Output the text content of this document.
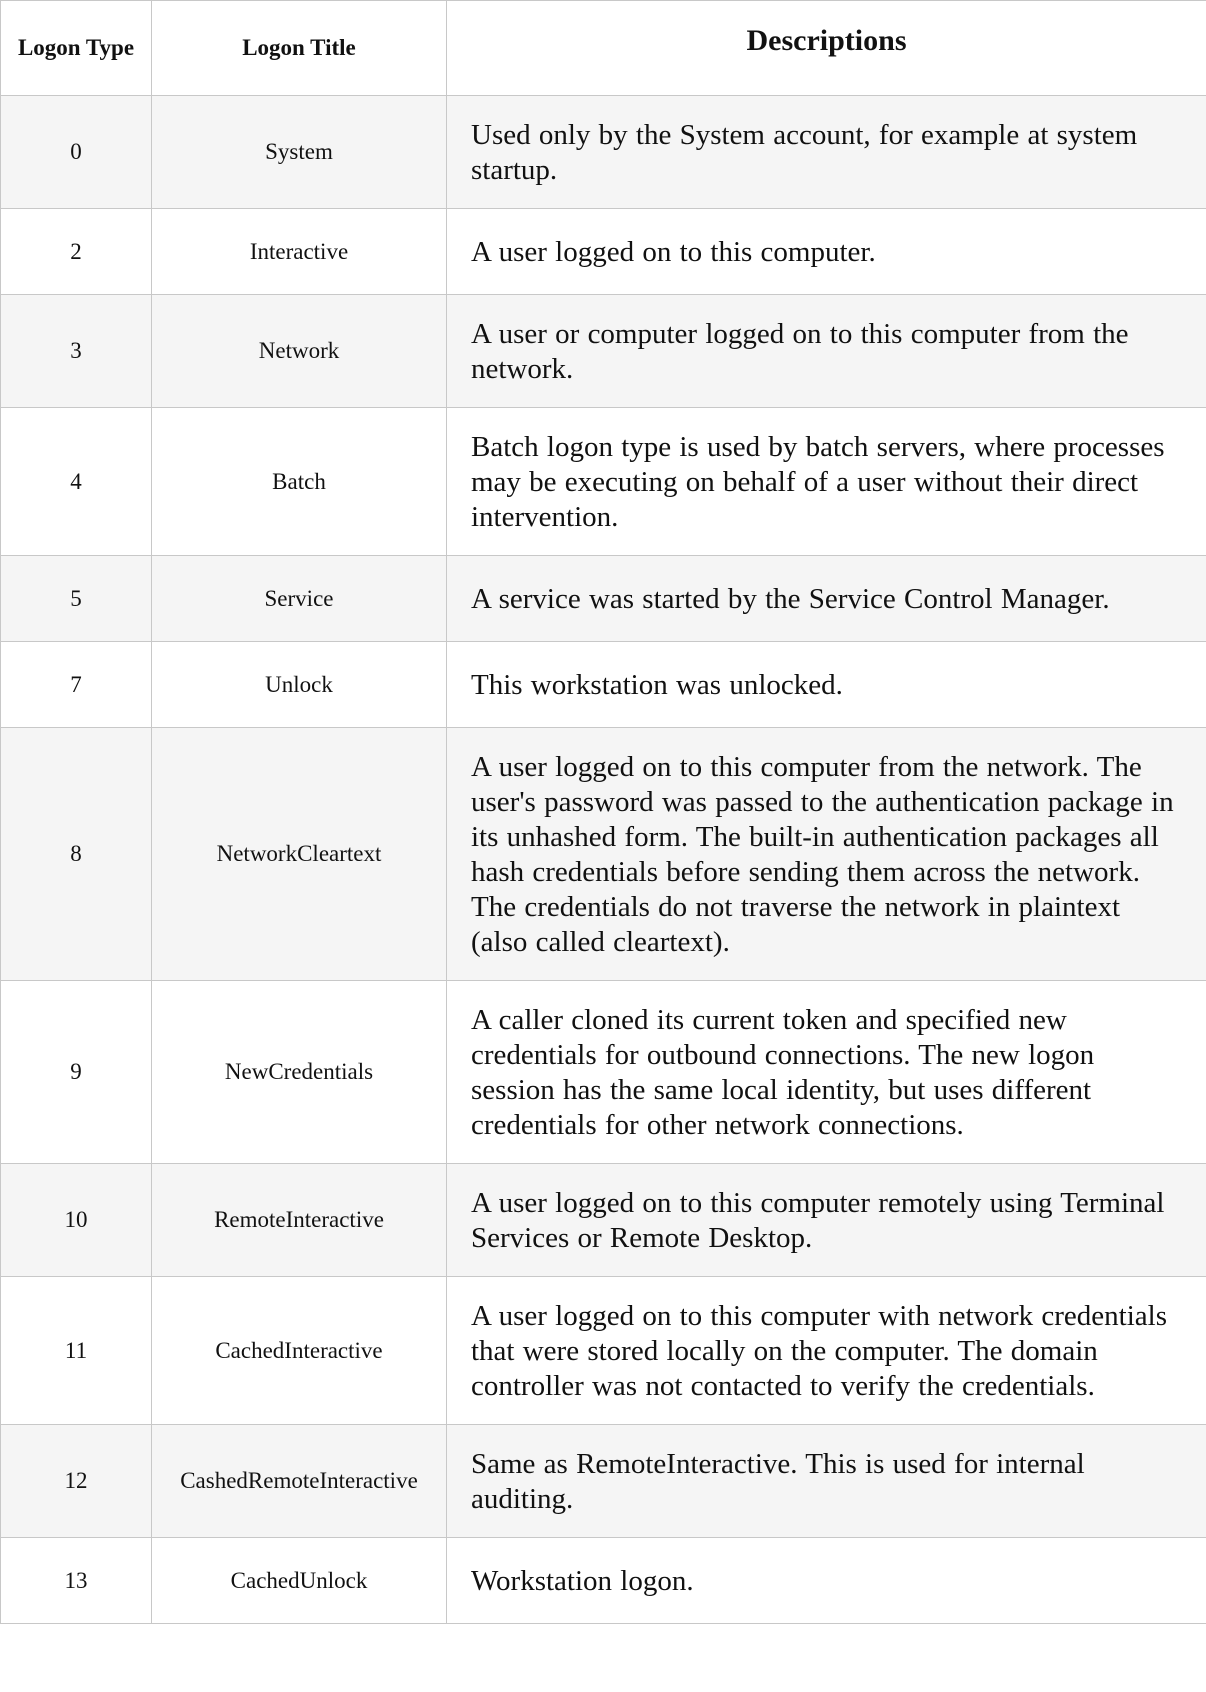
Logon Type	Logon Title	Descriptions
0	System	Used only by the System account, for example at system startup.
2	Interactive	A user logged on to this computer.
3	Network	A user or computer logged on to this computer from the network.
4	Batch	Batch logon type is used by batch servers, where processes may be executing on behalf of a user without their direct intervention.
5	Service	A service was started by the Service Control Manager.
7	Unlock	This workstation was unlocked.
8	NetworkCleartext	A user logged on to this computer from the network. The user's password was passed to the authentication package in its unhashed form. The built-in authentication packages all hash credentials before sending them across the network. The credentials do not traverse the network in plaintext (also called cleartext).
9	NewCredentials	A caller cloned its current token and specified new credentials for outbound connections. The new logon session has the same local identity, but uses different credentials for other network connections.
10	RemoteInteractive	A user logged on to this computer remotely using Terminal Services or Remote Desktop.
11	CachedInteractive	A user logged on to this computer with network credentials that were stored locally on the computer. The domain controller was not contacted to verify the credentials.
12	CashedRemoteInteractive	Same as RemoteInteractive. This is used for internal auditing.
13	CachedUnlock	Workstation logon.
